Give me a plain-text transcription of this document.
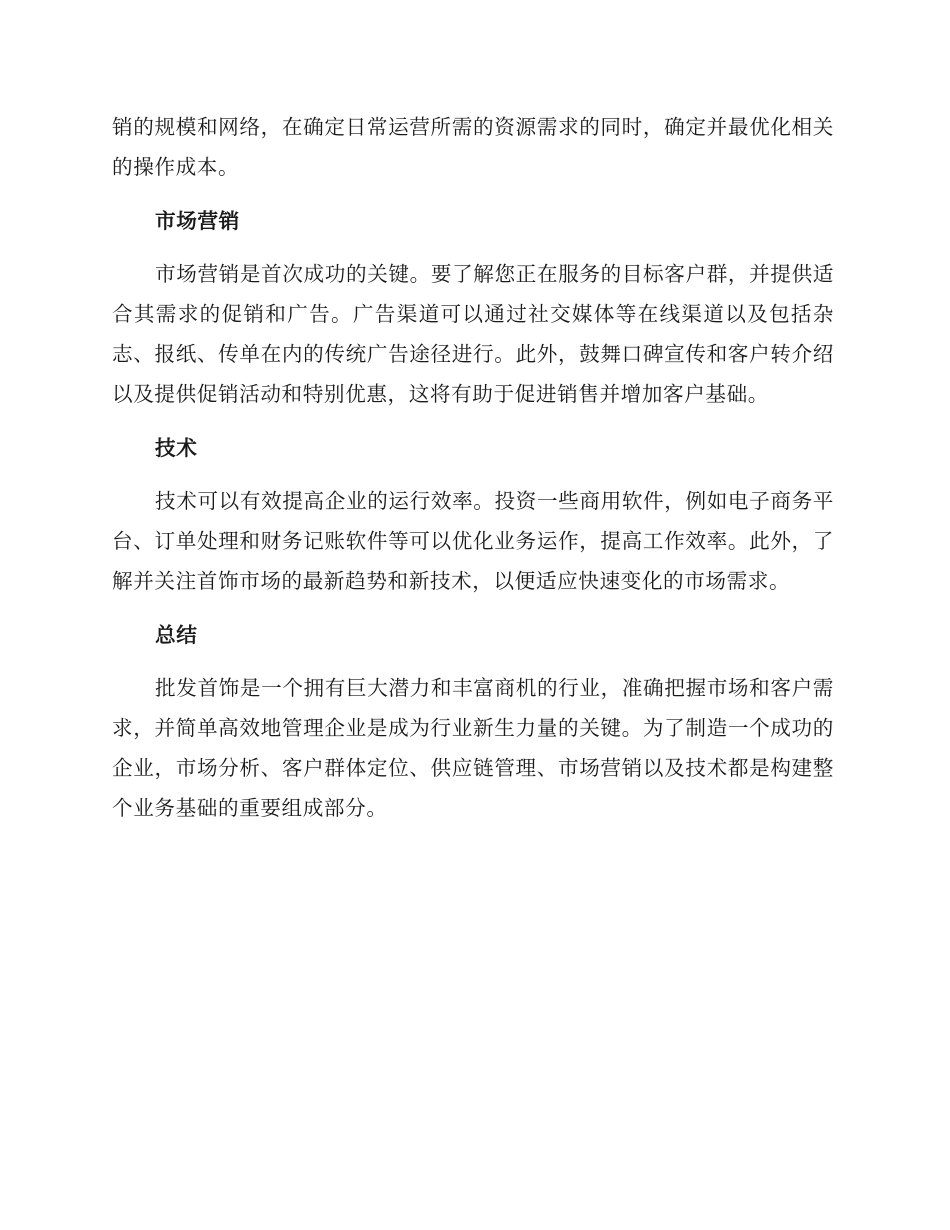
销的规模和网络，在确定日常运营所需的资源需求的同时，确定并最优化相关的操作成本。

市场营销

市场营销是首次成功的关键。要了解您正在服务的目标客户群，并提供适合其需求的促销和广告。广告渠道可以通过社交媒体等在线渠道以及包括杂志、报纸、传单在内的传统广告途径进行。此外，鼓舞口碑宣传和客户转介绍以及提供促销活动和特别优惠，这将有助于促进销售并增加客户基础。

技术

技术可以有效提高企业的运行效率。投资一些商用软件，例如电子商务平台、订单处理和财务记账软件等可以优化业务运作，提高工作效率。此外，了解并关注首饰市场的最新趋势和新技术，以便适应快速变化的市场需求。

总结

批发首饰是一个拥有巨大潜力和丰富商机的行业，准确把握市场和客户需求，并简单高效地管理企业是成为行业新生力量的关键。为了制造一个成功的企业，市场分析、客户群体定位、供应链管理、市场营销以及技术都是构建整个业务基础的重要组成部分。
